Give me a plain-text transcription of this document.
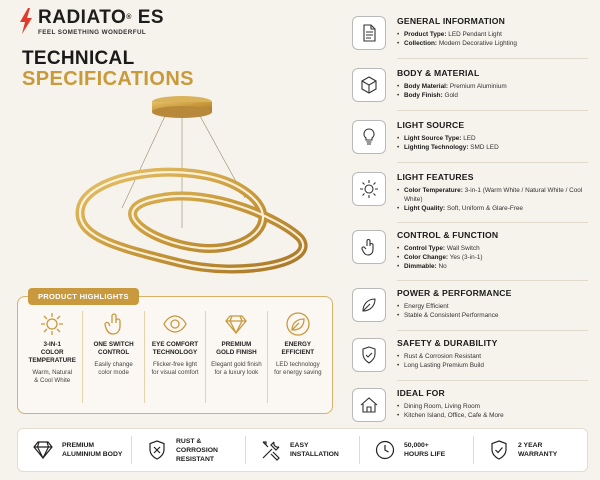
RADIATO® ES
FEEL SOMETHING WONDERFUL
TECHNICAL
SPECIFICATIONS
PRODUCT HIGHLIGHTS
3-IN-1
COLOR
TEMPERATURE
Warm, Natural
& Cool White
ONE SWITCH
CONTROL
Easily change
color mode
EYE COMFORT
TECHNOLOGY
Flicker-free light
for visual comfort
PREMIUM
GOLD FINISH
Elegant gold finish
for a luxury look
ENERGY
EFFICIENT
LED technology
for energy saving
GENERAL INFORMATION
• Product Type: LED Pendant Light
• Collection: Modern Decorative Lighting
BODY & MATERIAL
• Body Material: Premium Aluminium
• Body Finish: Gold
LIGHT SOURCE
• Light Source Type: LED
• Lighting Technology: SMD LED
LIGHT FEATURES
• Color Temperature: 3-in-1 (Warm White / Natural White / Cool White)
• Light Quality: Soft, Uniform & Glare-Free
CONTROL & FUNCTION
• Control Type: Wall Switch
• Color Change: Yes (3-in-1)
• Dimmable: No
POWER & PERFORMANCE
• Energy Efficient
• Stable & Consistent Performance
SAFETY & DURABILITY
• Rust & Corrosion Resistant
• Long Lasting Premium Build
IDEAL FOR
• Dining Room, Living Room
• Kitchen Island, Office, Cafe & More
PREMIUM
ALUMINIUM BODY
RUST & CORROSION
RESISTANT
EASY
INSTALLATION
50,000+
HOURS LIFE
2 YEAR
WARRANTY
